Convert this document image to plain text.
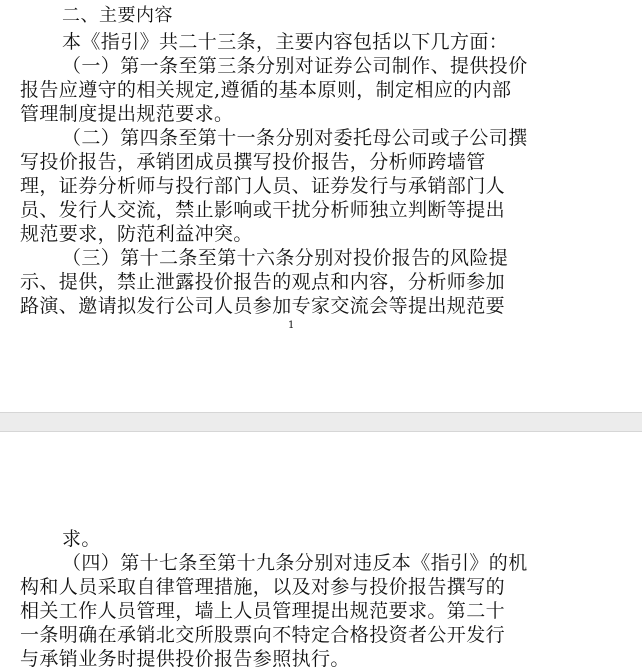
二、主要内容
本《指引》共二十三条，主要内容包括以下几方面：
（一）第一条至第三条分别对证券公司制作、提供投价
报告应遵守的相关规定,遵循的基本原则，制定相应的内部
管理制度提出规范要求。
（二）第四条至第十一条分别对委托母公司或子公司撰
写投价报告，承销团成员撰写投价报告，分析师跨墙管
理，证券分析师与投行部门人员、证券发行与承销部门人
员、发行人交流，禁止影响或干扰分析师独立判断等提出
规范要求，防范利益冲突。
（三）第十二条至第十六条分别对投价报告的风险提
示、提供，禁止泄露投价报告的观点和内容，分析师参加
路演、邀请拟发行公司人员参加专家交流会等提出规范要
1
求。
（四）第十七条至第十九条分别对违反本《指引》的机
构和人员采取自律管理措施，以及对参与投价报告撰写的
相关工作人员管理，墙上人员管理提出规范要求。第二十
一条明确在承销北交所股票向不特定合格投资者公开发行
与承销业务时提供投价报告参照执行。
